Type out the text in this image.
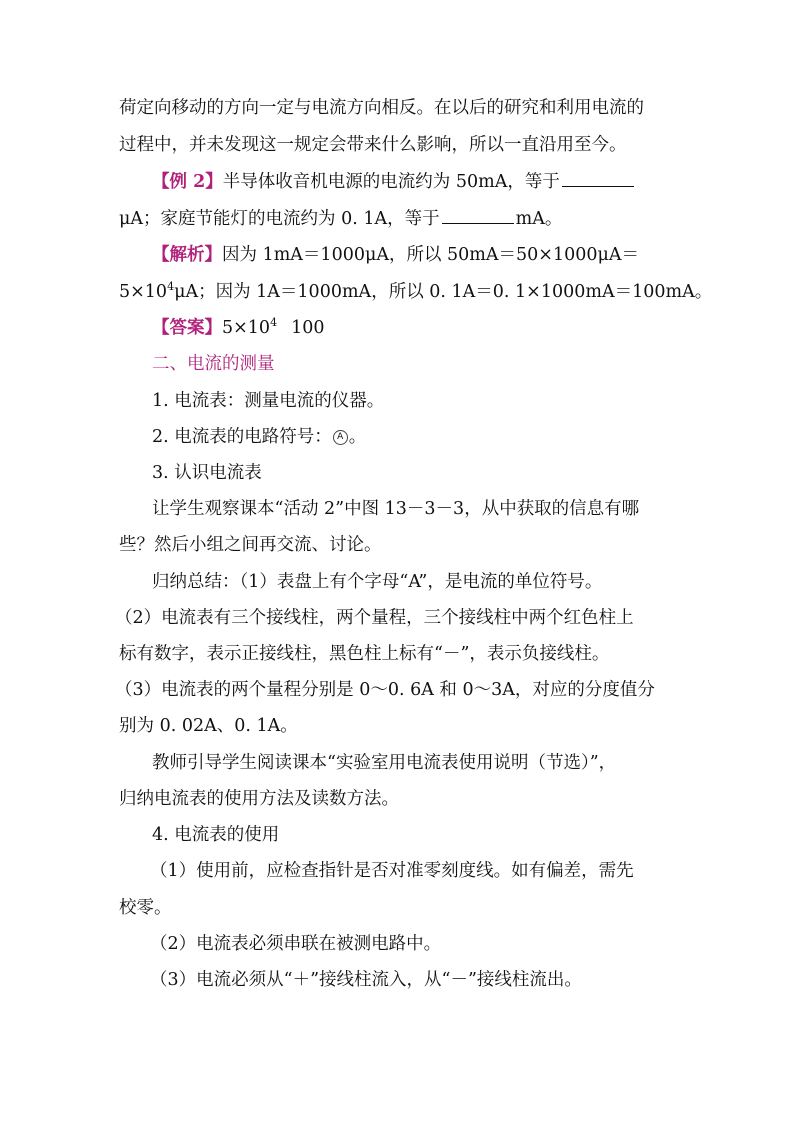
荷定向移动的方向一定与电流方向相反。在以后的研究和利用电流的
过程中，并未发现这一规定会带来什么影响，所以一直沿用至今。
【例 2】半导体收音机电源的电流约为 50mA，等于
μA；家庭节能灯的电流约为 0. 1A，等于	mA。
【解析】因为 1mA＝1000μA，所以 50mA＝50×1000μA＝
$5\times 10^4\mu A$；因为 1A＝1000mA，所以 0. 1A＝0. 1×1000mA＝100mA。
【答案】$5\times 10^4$ 100
二、电流的测量
1. 电流表：测量电流的仪器。
2. 电流表的电路符号： A 。
3. 认识电流表
让学生观察课本“活动 2”中图 13－3－3，从中获取的信息有哪
些？然后小组之间再交流、讨论。
归纳总结：（1）表盘上有个字母“A”，是电流的单位符号。
（2）电流表有三个接线柱，两个量程，三个接线柱中两个红色柱上
标有数字，表示正接线柱，黑色柱上标有“－”，表示负接线柱。
（3）电流表的两个量程分别是 0～0. 6A 和 0～3A，对应的分度值分
别为 0. 02A、0. 1A。
教师引导学生阅读课本“实验室用电流表使用说明（节选）”，
归纳电流表的使用方法及读数方法。
4. 电流表的使用
（1）使用前，应检查指针是否对准零刻度线。如有偏差，需先
校零。
（2）电流表必须串联在被测电路中。
（3）电流必须从“＋”接线柱流入，从“－”接线柱流出。
